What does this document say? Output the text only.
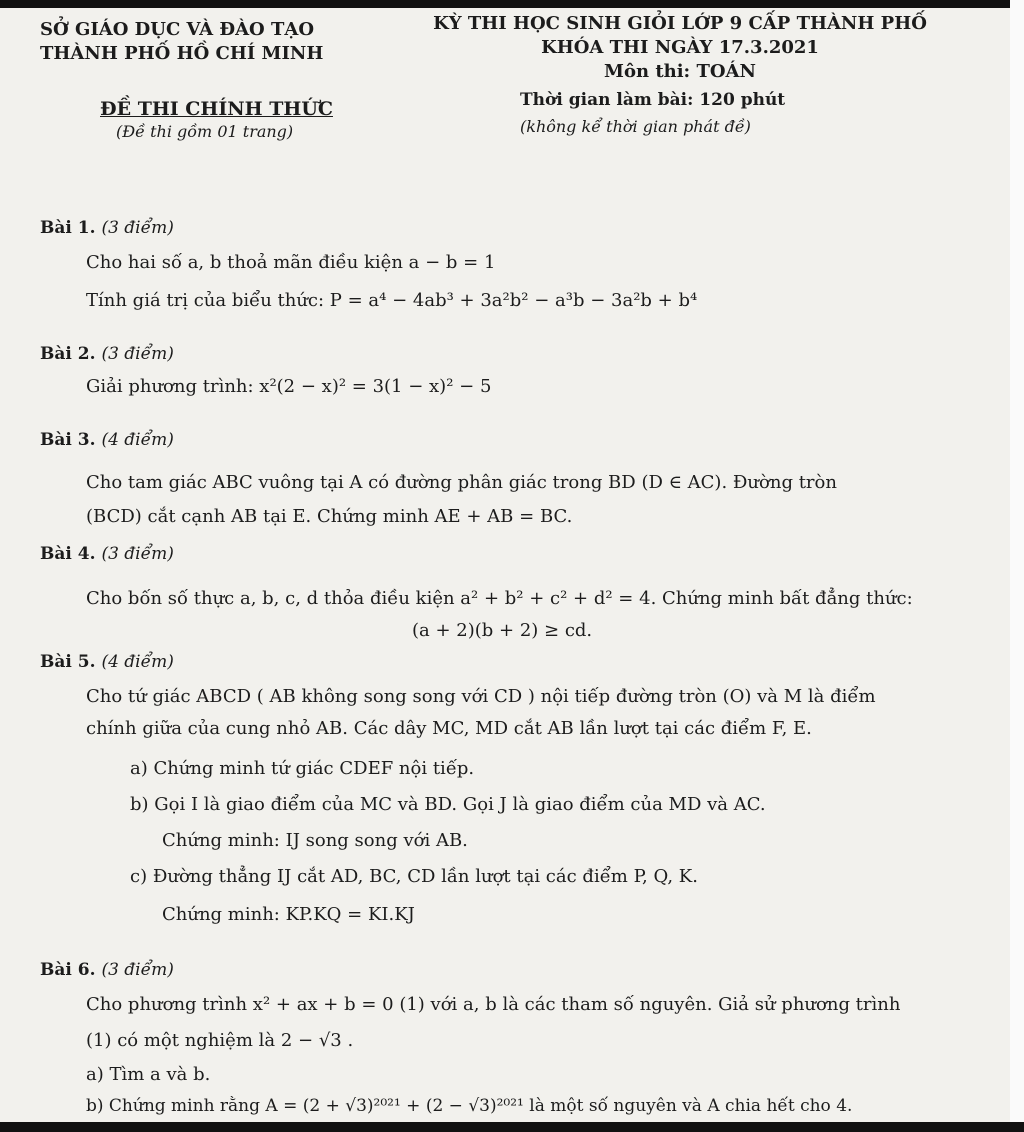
SỞ GIÁO DỤC VÀ ĐÀO TẠO
THÀNH PHỐ HỒ CHÍ MINH
KỲ THI HỌC SINH GIỎI LỚP 9 CẤP THÀNH PHỐ
KHÓA THI NGÀY 17.3.2021
Môn thi: TOÁN
ĐỀ THI CHÍNH THỨC
(Đề thi gồm 01 trang)
Thời gian làm bài: 120 phút
(không kể thời gian phát đề)
Bài 1. (3 điểm)
Cho hai số a, b thoả mãn điều kiện a − b = 1
Tính giá trị của biểu thức: P = a⁴ − 4ab³ + 3a²b² − a³b − 3a²b + b⁴
Bài 2. (3 điểm)
Giải phương trình: x²(2 − x)² = 3(1 − x)² − 5
Bài 3. (4 điểm)
Cho tam giác ABC vuông tại A có đường phân giác trong BD (D ∈ AC). Đường tròn
(BCD) cắt cạnh AB tại E. Chứng minh AE + AB = BC.
Bài 4. (3 điểm)
Cho bốn số thực a, b, c, d thỏa điều kiện a² + b² + c² + d² = 4. Chứng minh bất đẳng thức:
(a + 2)(b + 2) ≥ cd.
Bài 5. (4 điểm)
Cho tứ giác ABCD ( AB không song song với CD ) nội tiếp đường tròn (O) và M là điểm
chính giữa của cung nhỏ AB. Các dây MC, MD cắt AB lần lượt tại các điểm F, E.
a) Chứng minh tứ giác CDEF nội tiếp.
b) Gọi I là giao điểm của MC và BD. Gọi J là giao điểm của MD và AC.
Chứng minh: IJ song song với AB.
c) Đường thẳng IJ cắt AD, BC, CD lần lượt tại các điểm P, Q, K.
Chứng minh: KP.KQ = KI.KJ
Bài 6. (3 điểm)
Cho phương trình x² + ax + b = 0 (1) với a, b là các tham số nguyên. Giả sử phương trình
(1) có một nghiệm là 2 − √3 .
a) Tìm a và b.
b) Chứng minh rằng A = (2 + √3)²⁰²¹ + (2 − √3)²⁰²¹ là một số nguyên và A chia hết cho 4.
